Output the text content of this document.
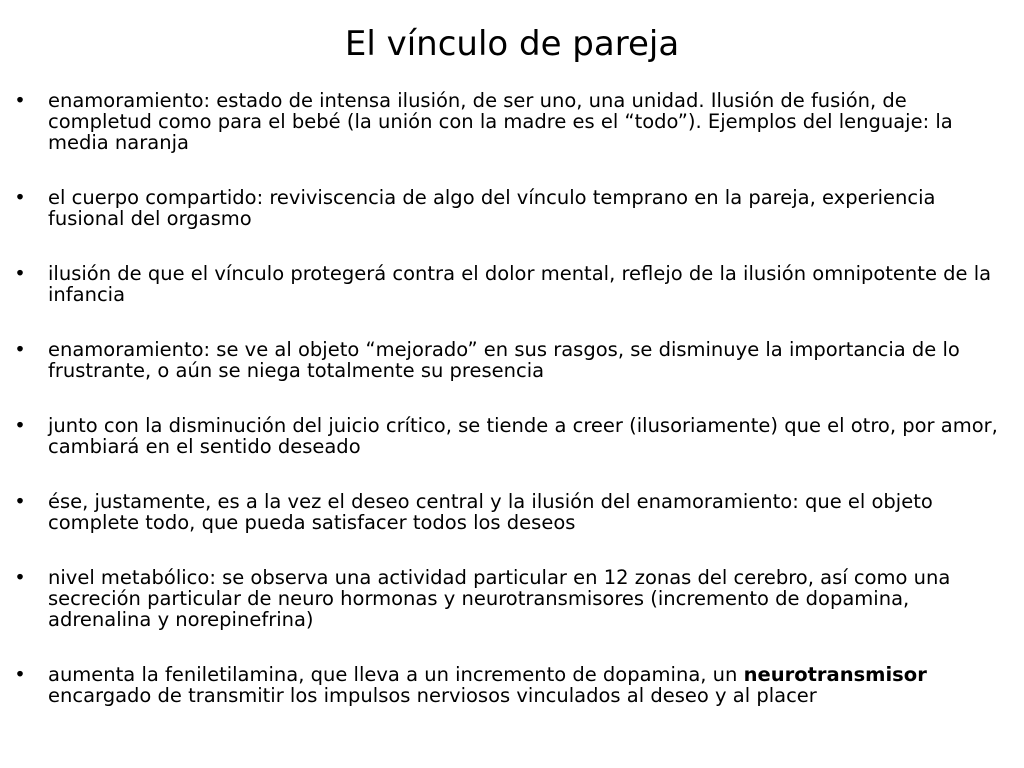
El vínculo de pareja
• enamoramiento: estado de intensa ilusión, de ser uno, una unidad. Ilusión de fusión, de completud como para el bebé (la unión con la madre es el “todo”). Ejemplos del lenguaje: la media naranja
• el cuerpo compartido: reviviscencia de algo del vínculo temprano en la pareja, experiencia fusional del orgasmo
• ilusión de que el vínculo protegerá contra el dolor mental, reflejo de la ilusión omnipotente de la infancia
• enamoramiento: se ve al objeto “mejorado” en sus rasgos, se disminuye la importancia de lo frustrante, o aún se niega totalmente su presencia
• junto con la disminución del juicio crítico, se tiende a creer (ilusoriamente) que el otro, por amor, cambiará en el sentido deseado
• ése, justamente, es a la vez el deseo central y la ilusión del enamoramiento: que el objeto complete todo, que pueda satisfacer todos los deseos
• nivel metabólico: se observa una actividad particular en 12 zonas del cerebro, así como una secreción particular de neuro hormonas y neurotransmisores (incremento de dopamina, adrenalina y norepinefrina)
• aumenta la feniletilamina, que lleva a un incremento de dopamina, un neurotransmisor encargado de transmitir los impulsos nerviosos vinculados al deseo y al placer
